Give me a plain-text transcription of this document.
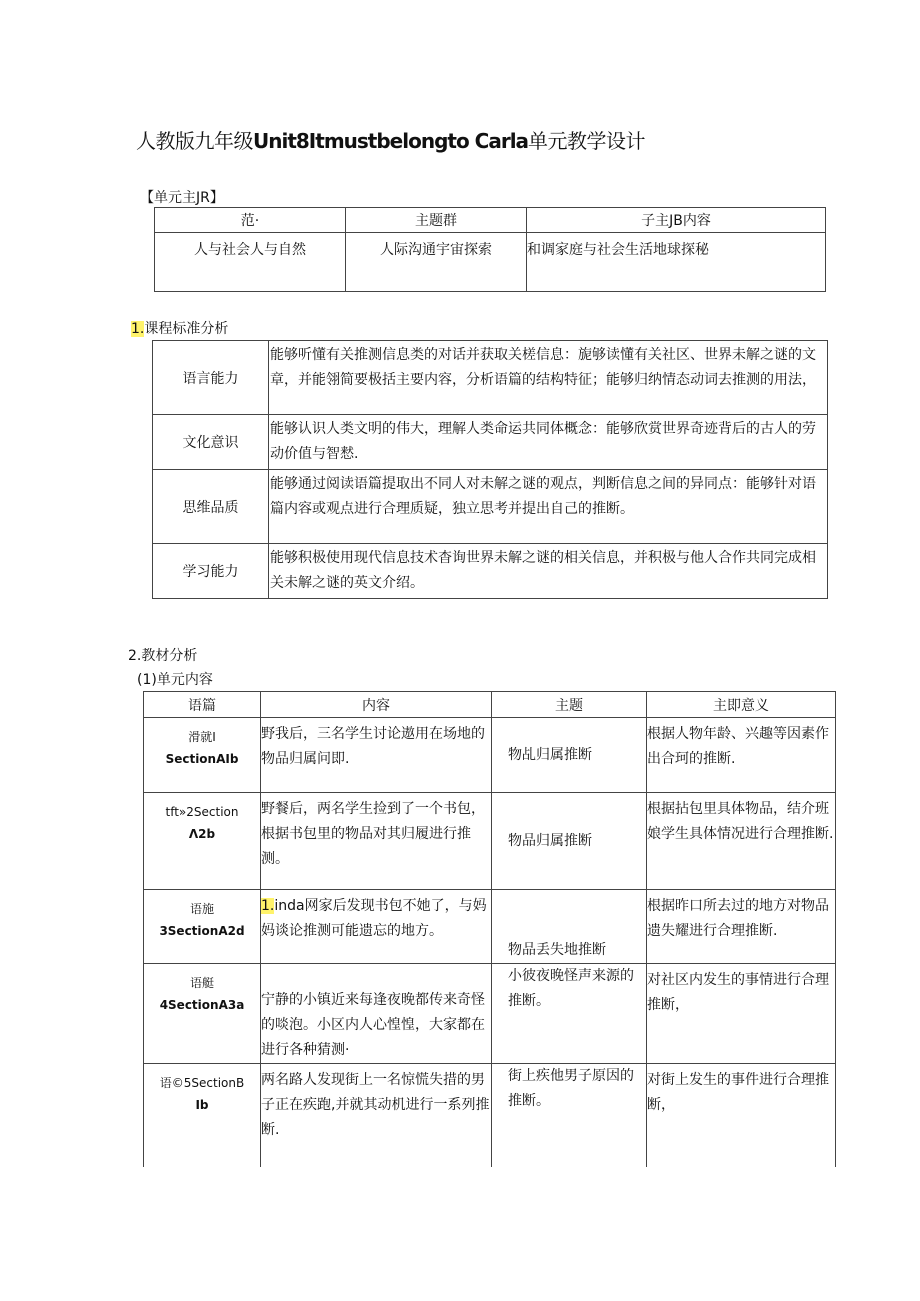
人教版九年级Unit8Itmustbelongto Carla单元教学设计
【单元主JR】
范·	主题群	子主JB内容
人与社会人与自然	人际沟通宇宙探索	和调家庭与社会生活地球探秘
1.课程标准分析
语言能力	能够听懂有关推测信息类的对话并获取关槎信息：旎够读懂有关社区、世界未解之谜的文章，并能翎简要极括主要内容，分析语篇的结构特征；能够归纳情态动词去推测的用法，
文化意识	能够认识人类文明的伟大，理解人类命运共同体概念：能够欣赏世界奇迹背后的古人的劳动价值与智慭.
思维品质	能够通过阅读语篇提取出不同人对未解之谜的观点，判断信息之间的异同点：能够针对语篇内容或观点进行合理质疑，独立思考并提出自己的推断。
学习能力	能够积极使用现代信息技术杳询世界未解之谜的相关信息，并积极与他人合作共同完成相关未解之谜的英文介绍。
2.教材分析
(1)单元内容
语篇	内容	主题	主即意义

滑就I
SectionAIb	野我后，三名学生讨论遨用在场地的物品归属问即.	物乩归属推断	根据人物年龄、兴趣等因素作出合珂的推断.

tft»2Section
Λ2b	野餐后，两名学生捡到了一个书包，根据书包里的物品对其归履进行推测。	物品归属推断	根据拈包里具体物品，结介班娘学生具体情况进行合理推断.

语施
3SectionA2d	1.inda网家后发现书包不她了，与妈妈谈论推测可能遗忘的地方。	物品丢失地推断	根据昨口所去过的地方对物品遗失耀进行合理推断.

语艇
4SectionA3a	宁静的小镇近来每逢夜晚都传来奇怪的啖泡。小区内人心惶惶，大家都在进行各种猜测·	小彼夜晚怪声来源的推断。	对社区内发生的事情进行合理推断，

语©5SectionB
Ib	两名路人发现街上一名惊慌失措的男子正在疾跑,并就其动机进行一系列推断.	街上疾他男子原因的推断。	对街上发生的事件进行合理推断，
